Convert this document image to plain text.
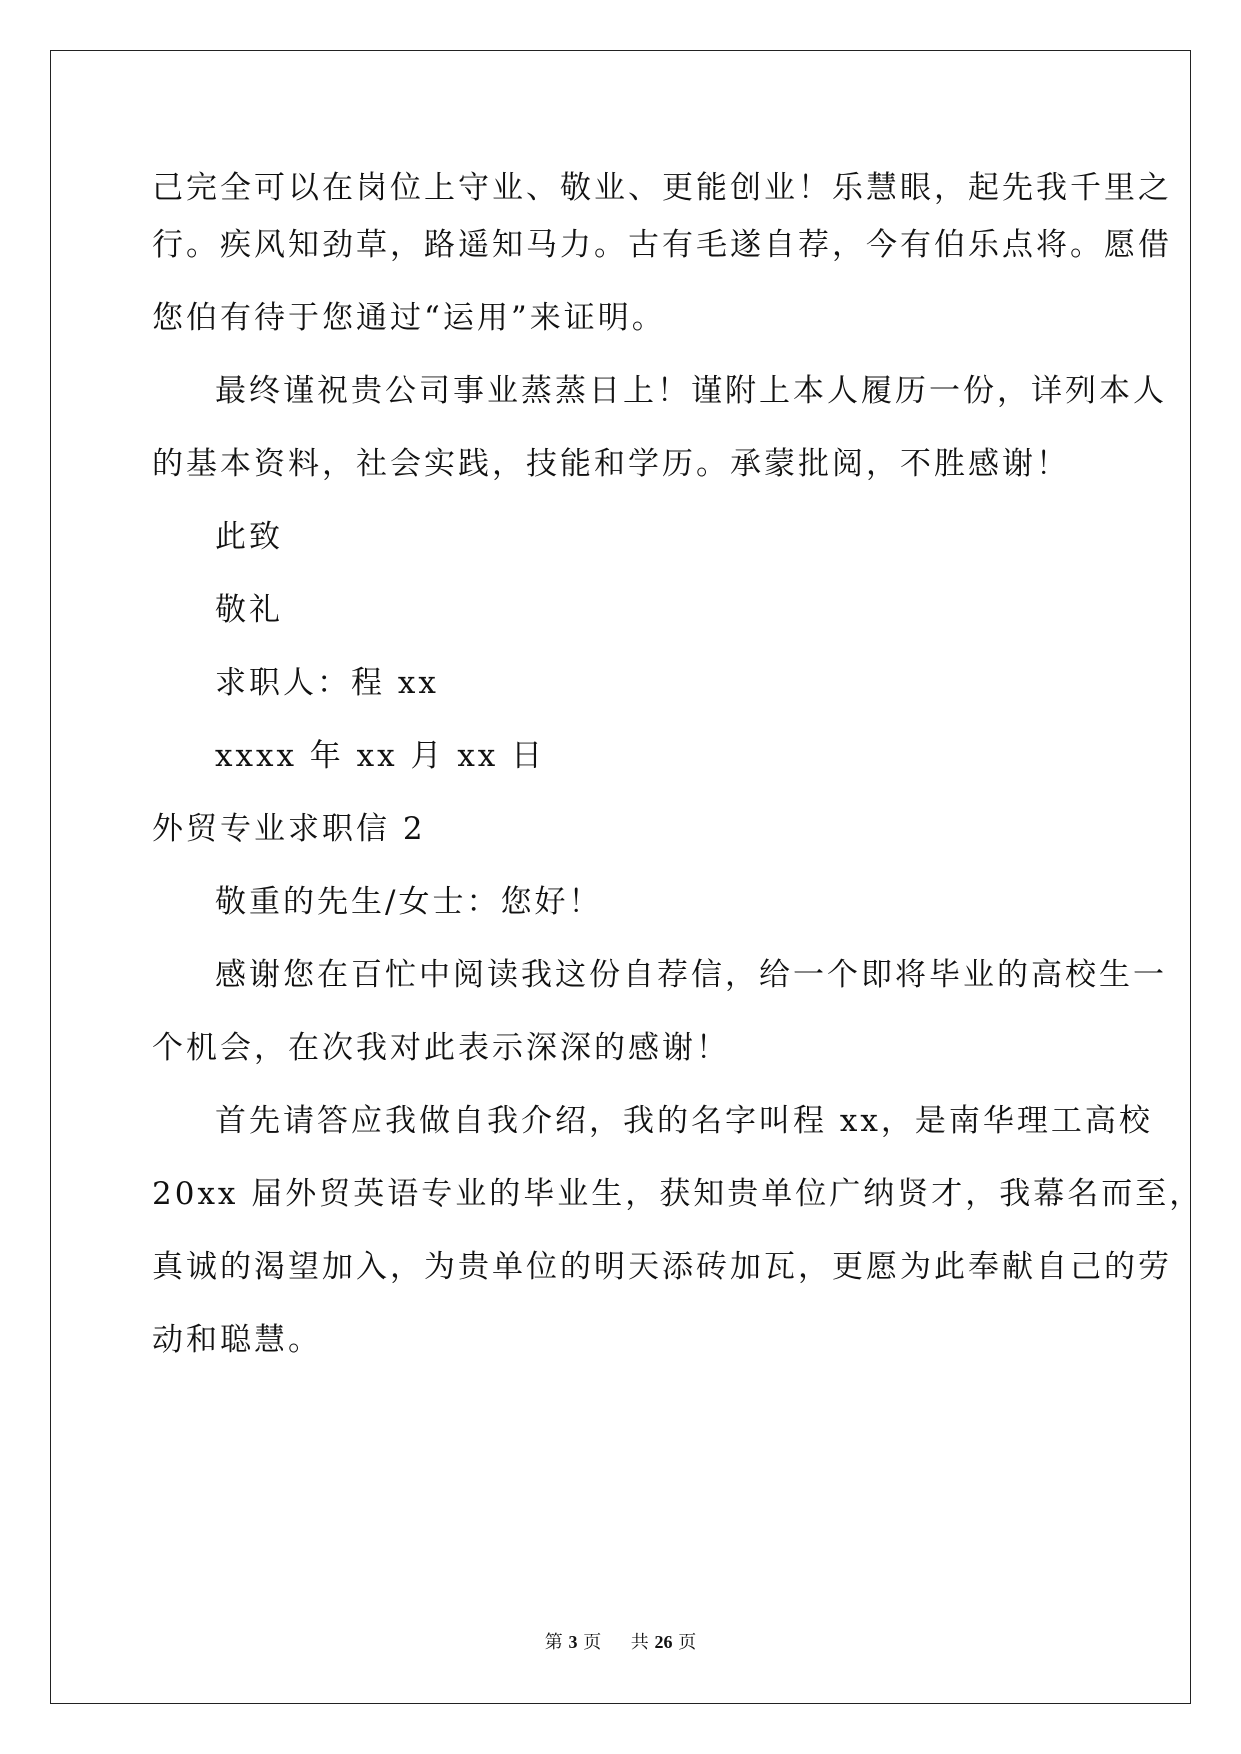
己完全可以在岗位上守业、敬业、更能创业！乐慧眼，起先我千里之

行。疾风知劲草，路遥知马力。古有毛遂自荐，今有伯乐点将。愿借

您伯有待于您通过“运用”来证明。

最终谨祝贵公司事业蒸蒸日上！谨附上本人履历一份，详列本人

的基本资料，社会实践，技能和学历。承蒙批阅，不胜感谢！

此致

敬礼

求职人：程 xx

xxxx 年 xx 月 xx 日

外贸专业求职信 2

敬重的先生/女士：您好！

感谢您在百忙中阅读我这份自荐信，给一个即将毕业的高校生一

个机会，在次我对此表示深深的感谢！

首先请答应我做自我介绍，我的名字叫程 xx，是南华理工高校

20xx 届外贸英语专业的毕业生，获知贵单位广纳贤才，我幕名而至，

真诚的渴望加入，为贵单位的明天添砖加瓦，更愿为此奉献自己的劳

动和聪慧。

第 3 页 共 26 页
